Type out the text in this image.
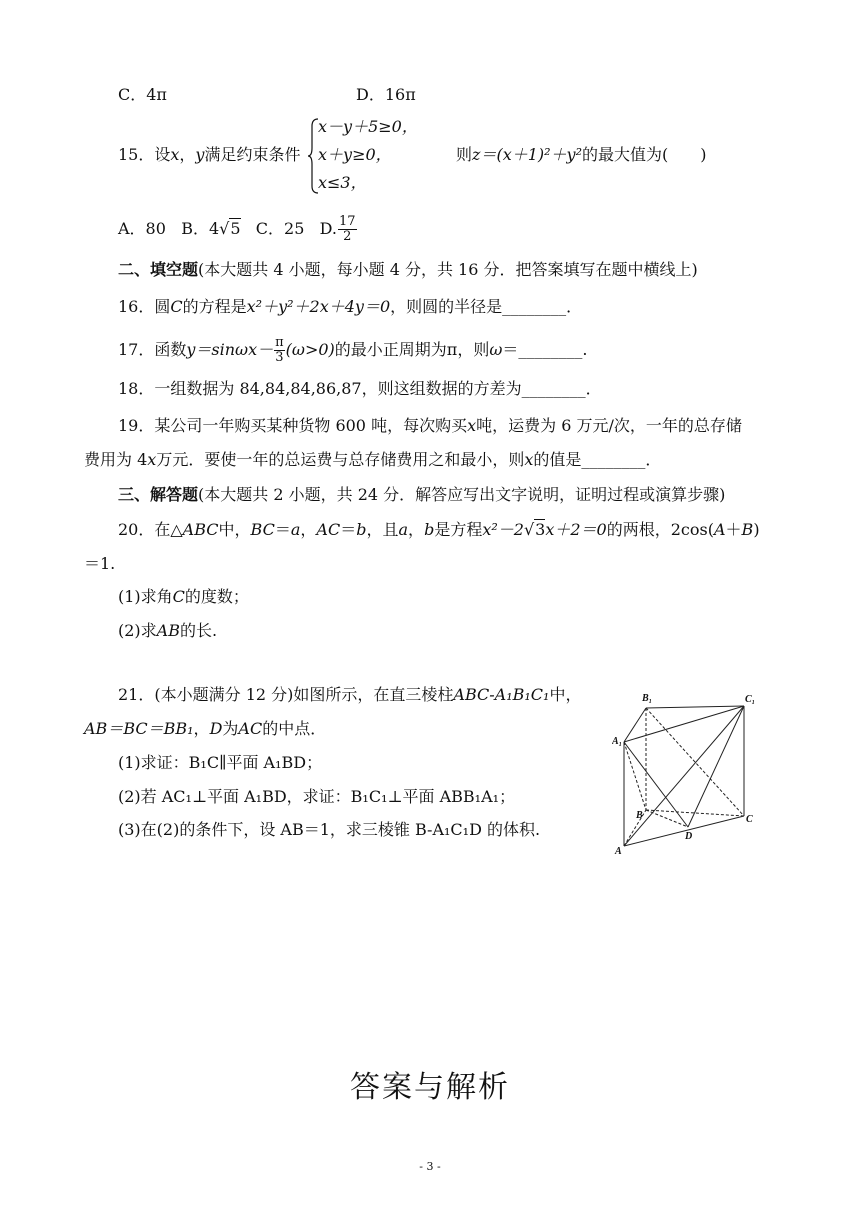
C．4π	D．16π
15．设x，y满足约束条件
x－y＋5≥0，
x＋y≥0，
x≤3，
则z＝(x＋1)²＋y²的最大值为(　　)
A．80 B．4√5 C．25 D. $\frac{17}{2}$
二、填空题(本大题共 4 小题，每小题 4 分，共 16 分．把答案填写在题中横线上)
16．圆C的方程是x²＋y²＋2x＋4y＝0，则圆的半径是________．
17．函数$y=\sin\omega x- \frac{\pi}{3} (\omega>0)$的最小正周期为π，则ω＝________.
18．一组数据为 84,84,84,86,87，则这组数据的方差为________．
19．某公司一年购买某种货物 600 吨，每次购买x吨，运费为 6 万元/次，一年的总存储
费用为 4x万元．要使一年的总运费与总存储费用之和最小，则x的值是________．
三、解答题(本大题共 2 小题，共 24 分．解答应写出文字说明，证明过程或演算步骤)
20．在△ABC中，BC＝a，AC＝b，且a，b是方程x²－2√3x＋2＝0的两根，2cos(A＋B)
＝1.
(1)求角C的度数；
(2)求AB的长.
21．(本小题满分 12 分)如图所示，在直三棱柱ABC-A₁B₁C₁中，
AB＝BC＝BB₁，D为AC的中点．
(1)求证：B₁C∥平面 A₁BD；
(2)若 AC₁⊥平面 A₁BD，求证：B₁C₁⊥平面 ABB₁A₁；
(3)在(2)的条件下，设 AB＝1，求三棱锥 B-A₁C₁D 的体积.
B₁	C₁
A₁
B	C
A
D
答案与解析
- 3 -
